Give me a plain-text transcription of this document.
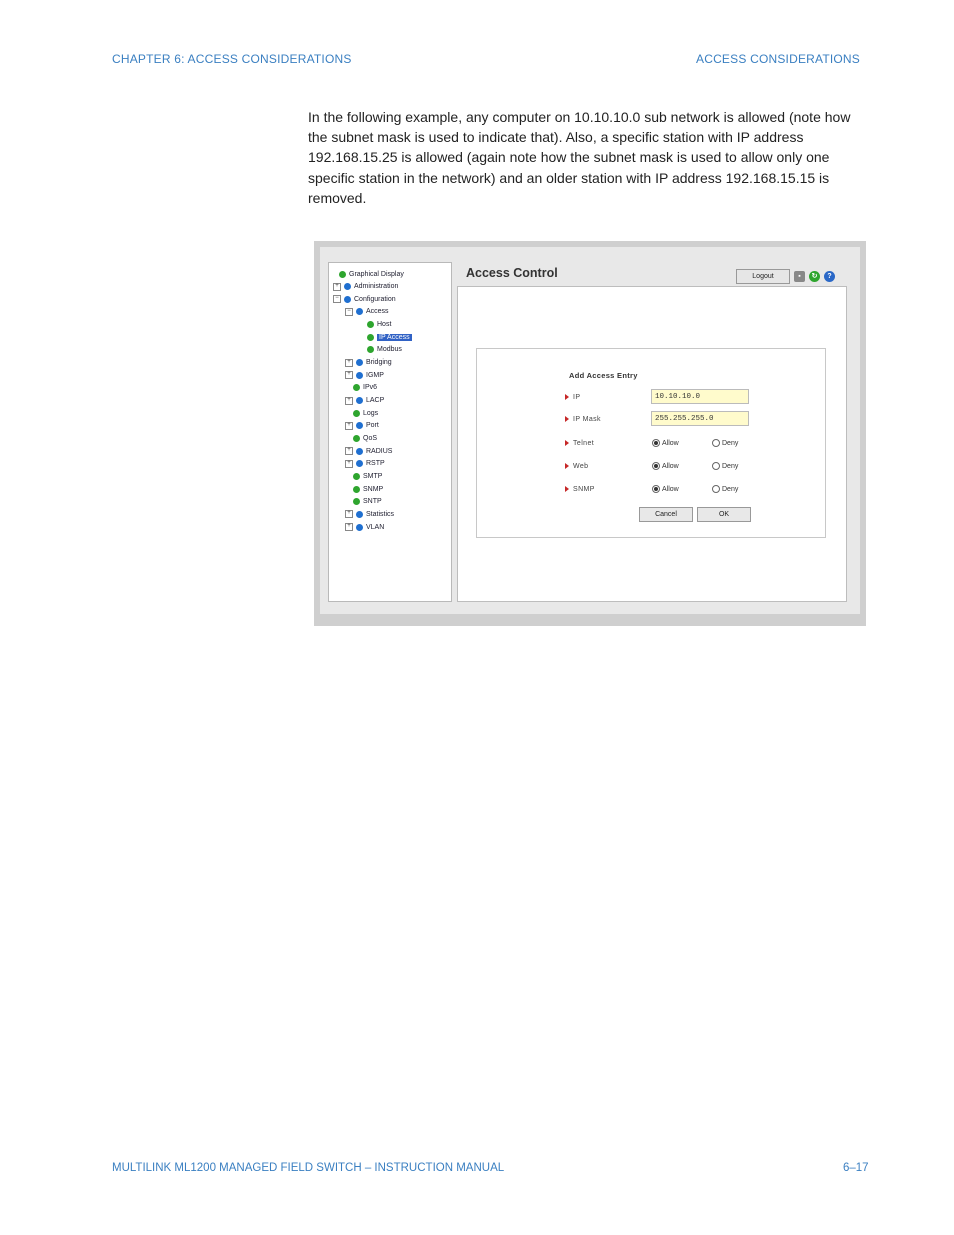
CHAPTER 6: ACCESS CONSIDERATIONS	ACCESS CONSIDERATIONS
In the following example, any computer on 10.10.10.0 sub network is allowed (note how the subnet mask is used to indicate that). Also, a specific station with IP address 192.168.15.25 is allowed (again note how the subnet mask is used to allow only one specific station in the network) and an older station with IP address 192.168.15.15 is removed.
Graphical Display
+	Administration
−	Configuration
−	Access
Host
IP Access
Modbus
+	Bridging
+	IGMP
IPv6
+	LACP
Logs
+	Port
QoS
+	RADIUS
+	RSTP
SMTP
SNMP
SNTP
+	Statistics
+	VLAN
Access Control	Logout	▪	↻	?
Add Access Entry
IP	10.10.10.0
IP Mask	255.255.255.0
Telnet	Allow	Deny
Web	Allow	Deny
SNMP	Allow	Deny
Cancel	OK
MULTILINK ML1200 MANAGED FIELD SWITCH – INSTRUCTION MANUAL	6–17
